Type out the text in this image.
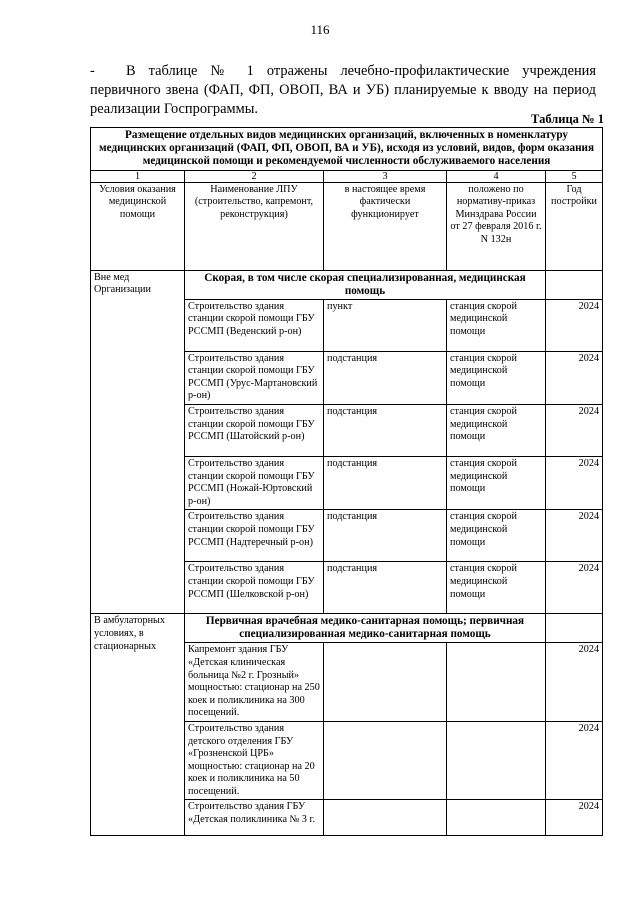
116
- В таблице № 1 отражены лечебно-профилактические учреждения первичного звена (ФАП, ФП, ОВОП, ВА и УБ) планируемые к вводу на период реализации Госпрограммы.
Таблица № 1
Размещение отдельных видов медицинских организаций, включенных в номенклатуру медицинских организаций (ФАП, ФП, ОВОП, ВА и УБ), исходя из условий, видов, форм оказания медицинской помощи и рекомендуемой численности обслуживаемого населения				
1	2	3	4	5
Условия оказания медицинской помощи	Наименование ЛПУ (строительство, капремонт, реконструкция)	в настоящее время фактически функционирует	положено по нормативу-приказ Минздрава России от 27 февраля 2016 г. N 132н	Год постройки
Вне мед Организации	Скорая, в том числе скорая специализированная, медицинская помощь			
	Строительство здания станции скорой помощи ГБУ РССМП (Веденский р-он)	пункт	станция скорой медицинской помощи	2024
	Строительство здания станции скорой помощи ГБУ РССМП (Урус-Мартановский р-он)	подстанция	станция скорой медицинской помощи	2024
	Строительство здания станции скорой помощи ГБУ РССМП (Шатойский р-он)	подстанция	станция скорой медицинской помощи	2024
	Строительство здания станции скорой помощи ГБУ РССМП (Ножай-Юртовский р-он)	подстанция	станция скорой медицинской помощи	2024
	Строительство здания станции скорой помощи ГБУ РССМП (Надтеречный р-он)	подстанция	станция скорой медицинской помощи	2024
	Строительство здания станции скорой помощи ГБУ РССМП (Шелковской р-он)	подстанция	станция скорой медицинской помощи	2024
В амбулаторных условиях, в стационарных	Первичная врачебная медико-санитарная помощь; первичная специализированная медико-санитарная помощь			
	Капремонт здания ГБУ «Детская клиническая больница №2 г. Грозный» мощностью: стационар на 250 коек и поликлиника на 300 посещений.			2024
	Строительство здания детского отделения ГБУ «Грозненской ЦРБ» мощностью: стационар на 20 коек и поликлиника на 50 посещений.			2024
	Строительство здания ГБУ «Детская поликлиника № 3 г.			2024
